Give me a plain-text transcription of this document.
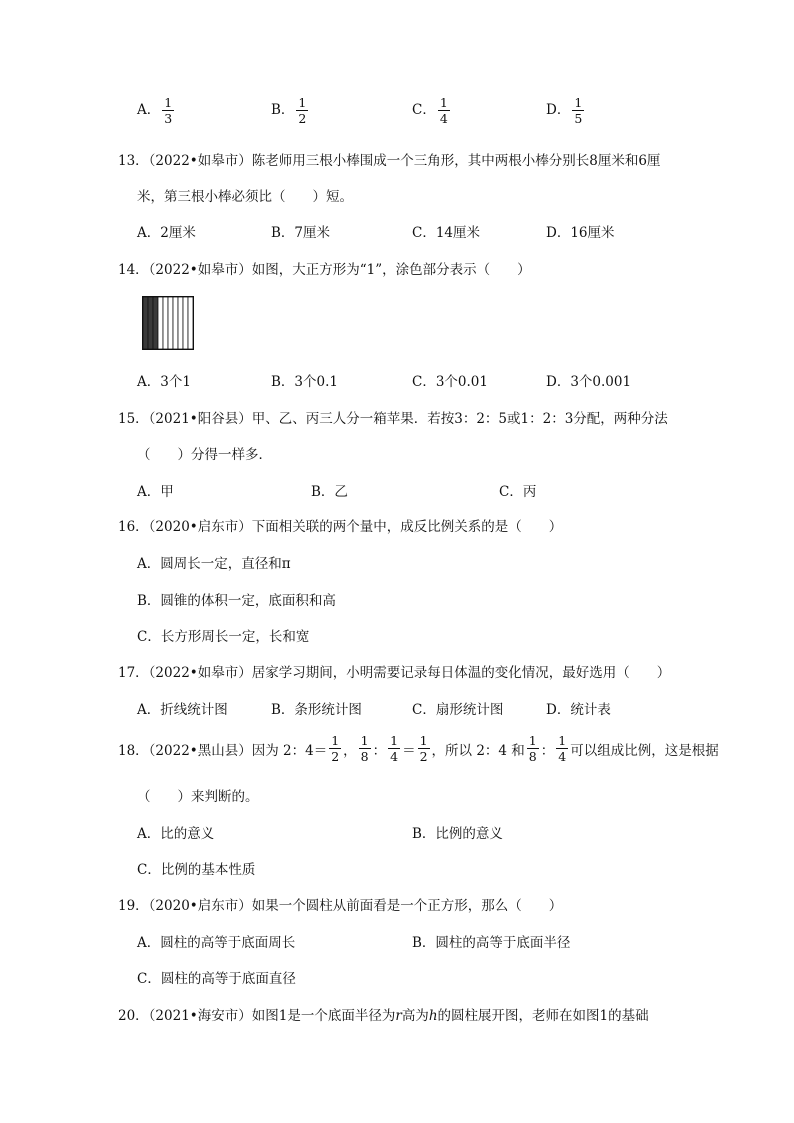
A． $\frac{1}{3}$	B． $\frac{1}{2}$	C． $\frac{1}{4}$	D． $\frac{1}{5}$
13．（2022•如皋市）陈老师用三根小棒围成一个三角形，其中两根小棒分别长8厘米和6厘
米，第三根小棒必须比（　　）短。
A．2厘米	B．7厘米	C．14厘米	D．16厘米
14．（2022•如皋市）如图，大正方形为“1”，涂色部分表示（　　）
A．3个1	B．3个0.1	C．3个0.01	D．3个0.001
15．（2021•阳谷县）甲、乙、丙三人分一箱苹果．若按3：2：5或1：2：3分配，两种分法
（　　）分得一样多．
A．甲	B．乙	C．丙
16．（2020•启东市）下面相关联的两个量中，成反比例关系的是（　　）
A．圆周长一定，直径和π
B．圆锥的体积一定，底面积和高
C．长方形周长一定，长和宽
17．（2022•如皋市）居家学习期间，小明需要记录每日体温的变化情况，最好选用（　　）
A．折线统计图	B．条形统计图	C．扇形统计图	D．统计表
18．（2022•黑山县）因为 2：$4= \frac{1}{2}$ ， $\frac{1}{8}$ ： $\frac{1}{4} = \frac{1}{2}$ ，所以 2：4 和 $\frac{1}{8}$ ： $\frac{1}{4}$ 可以组成比例，这是根据
（　　）来判断的。
A．比的意义	B．比例的意义
C．比例的基本性质
19．（2020•启东市）如果一个圆柱从前面看是一个正方形，那么（　　）
A．圆柱的高等于底面周长	B．圆柱的高等于底面半径
C．圆柱的高等于底面直径
20．（2021•海安市）如图1是一个底面半径为r高为h的圆柱展开图，老师在如图1的基础
